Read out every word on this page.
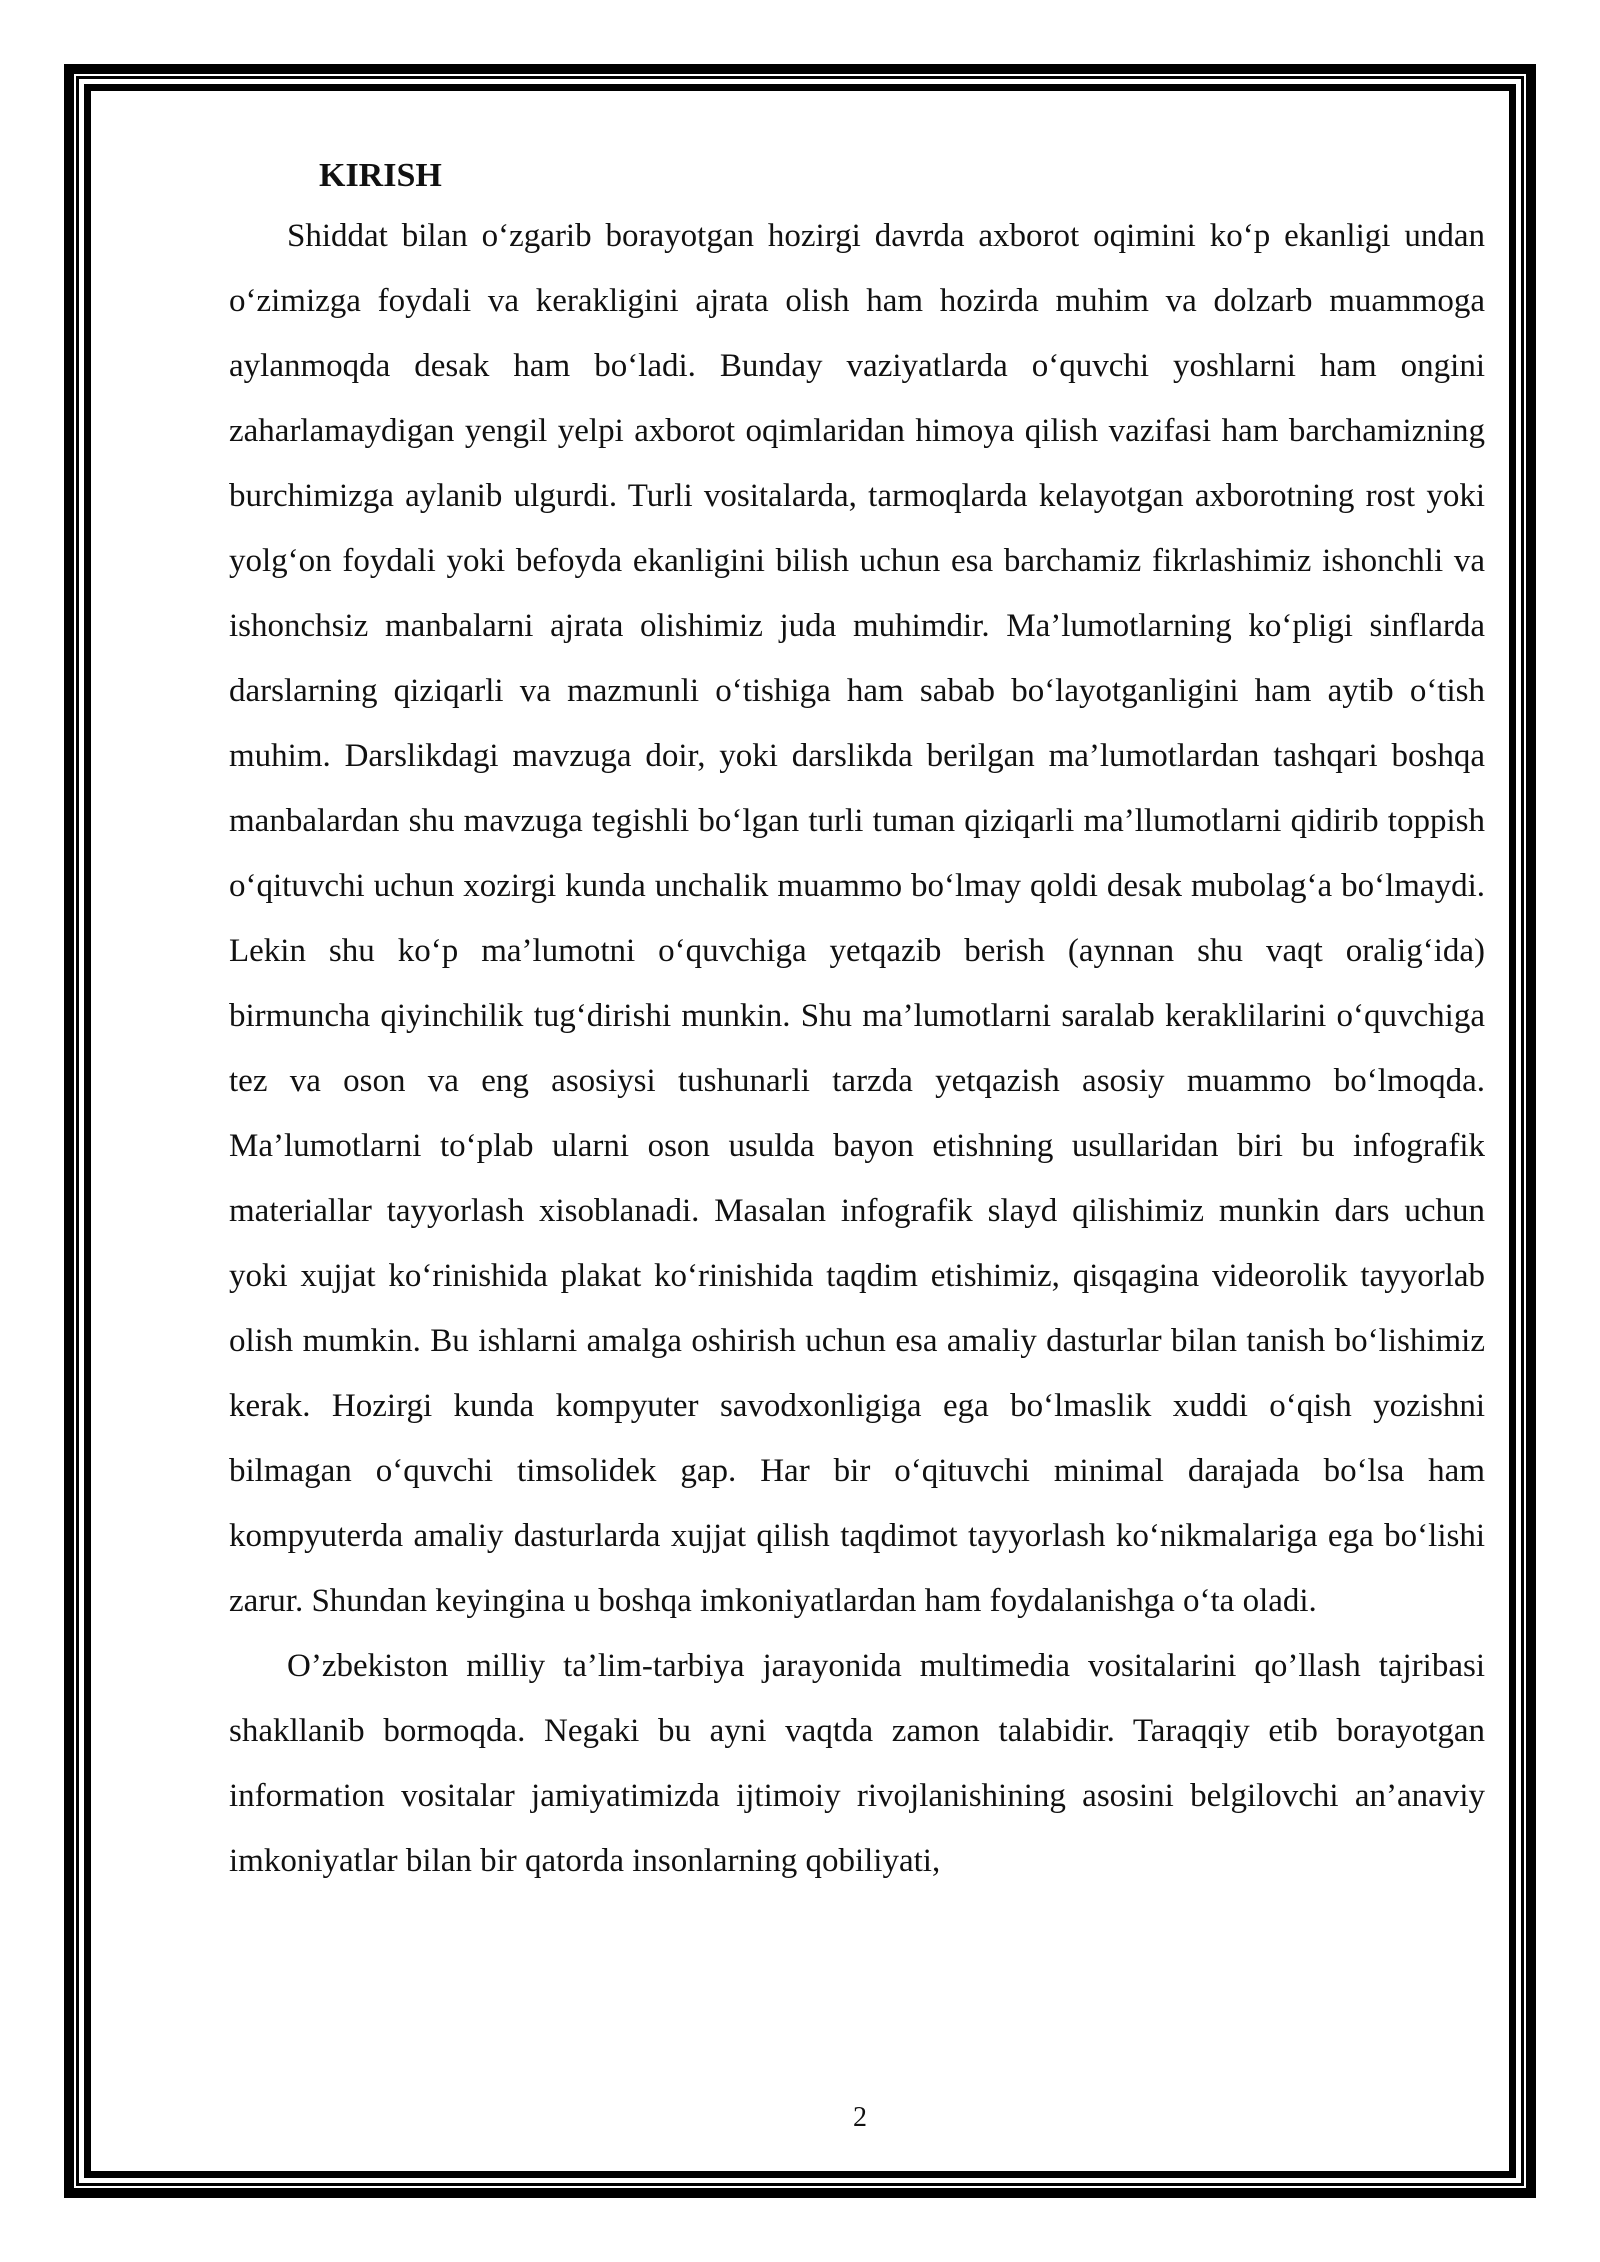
KIRISH

Shiddat bilan o‘zgarib borayotgan hozirgi davrda axborot oqimini ko‘p ekanligi undan o‘zimizga foydali va kerakligini ajrata olish ham hozirda muhim va dolzarb muammoga aylanmoqda desak ham bo‘ladi. Bunday vaziyatlarda o‘quvchi yoshlarni ham ongini zaharlamaydigan yengil yelpi axborot oqimlaridan himoya qilish vazifasi ham barchamizning burchimizga aylanib ulgurdi. Turli vositalarda, tarmoqlarda kelayotgan axborotning rost yoki yolg‘on foydali yoki befoyda ekanligini bilish uchun esa barchamiz fikrlashimiz ishonchli va ishonchsiz manbalarni ajrata olishimiz juda muhimdir. Ma’lumotlarning ko‘pligi sinflarda darslarning qiziqarli va mazmunli o‘tishiga ham sabab bo‘layotganligini ham aytib o‘tish muhim. Darslikdagi mavzuga doir, yoki darslikda berilgan ma’lumotlardan tashqari boshqa manbalardan shu mavzuga tegishli bo‘lgan turli tuman qiziqarli ma’llumotlarni qidirib toppish o‘qituvchi uchun xozirgi kunda unchalik muammo bo‘lmay qoldi desak mubolag‘a bo‘lmaydi. Lekin shu ko‘p ma’lumotni o‘quvchiga yetqazib berish (aynnan shu vaqt oralig‘ida) birmuncha qiyinchilik tug‘dirishi munkin. Shu ma’lumotlarni saralab keraklilarini o‘quvchiga tez va oson va eng asosiysi tushunarli tarzda yetqazish asosiy muammo bo‘lmoqda. Ma’lumotlarni to‘plab ularni oson usulda bayon etishning usullaridan biri bu infografik materiallar tayyorlash xisoblanadi. Masalan infografik slayd qilishimiz munkin dars uchun yoki xujjat ko‘rinishida plakat ko‘rinishida taqdim etishimiz, qisqagina videorolik tayyorlab olish mumkin. Bu ishlarni amalga oshirish uchun esa amaliy dasturlar bilan tanish bo‘lishimiz kerak. Hozirgi kunda kompyuter savodxonligiga ega bo‘lmaslik xuddi o‘qish yozishni bilmagan o‘quvchi timsolidek gap. Har bir o‘qituvchi minimal darajada bo‘lsa ham kompyuterda amaliy dasturlarda xujjat qilish taqdimot tayyorlash ko‘nikmalariga ega bo‘lishi zarur. Shundan keyingina u boshqa imkoniyatlardan ham foydalanishga o‘ta oladi.

O’zbekiston milliy ta’lim-tarbiya jarayonida multimedia vositalarini qo’llash tajribasi shakllanib bormoqda. Negaki bu ayni vaqtda zamon talabidir. Taraqqiy etib borayotgan information vositalar jamiyatimizda ijtimoiy rivojlanishining asosini belgilovchi an’anaviy imkoniyatlar bilan bir qatorda insonlarning qobiliyati,

2
